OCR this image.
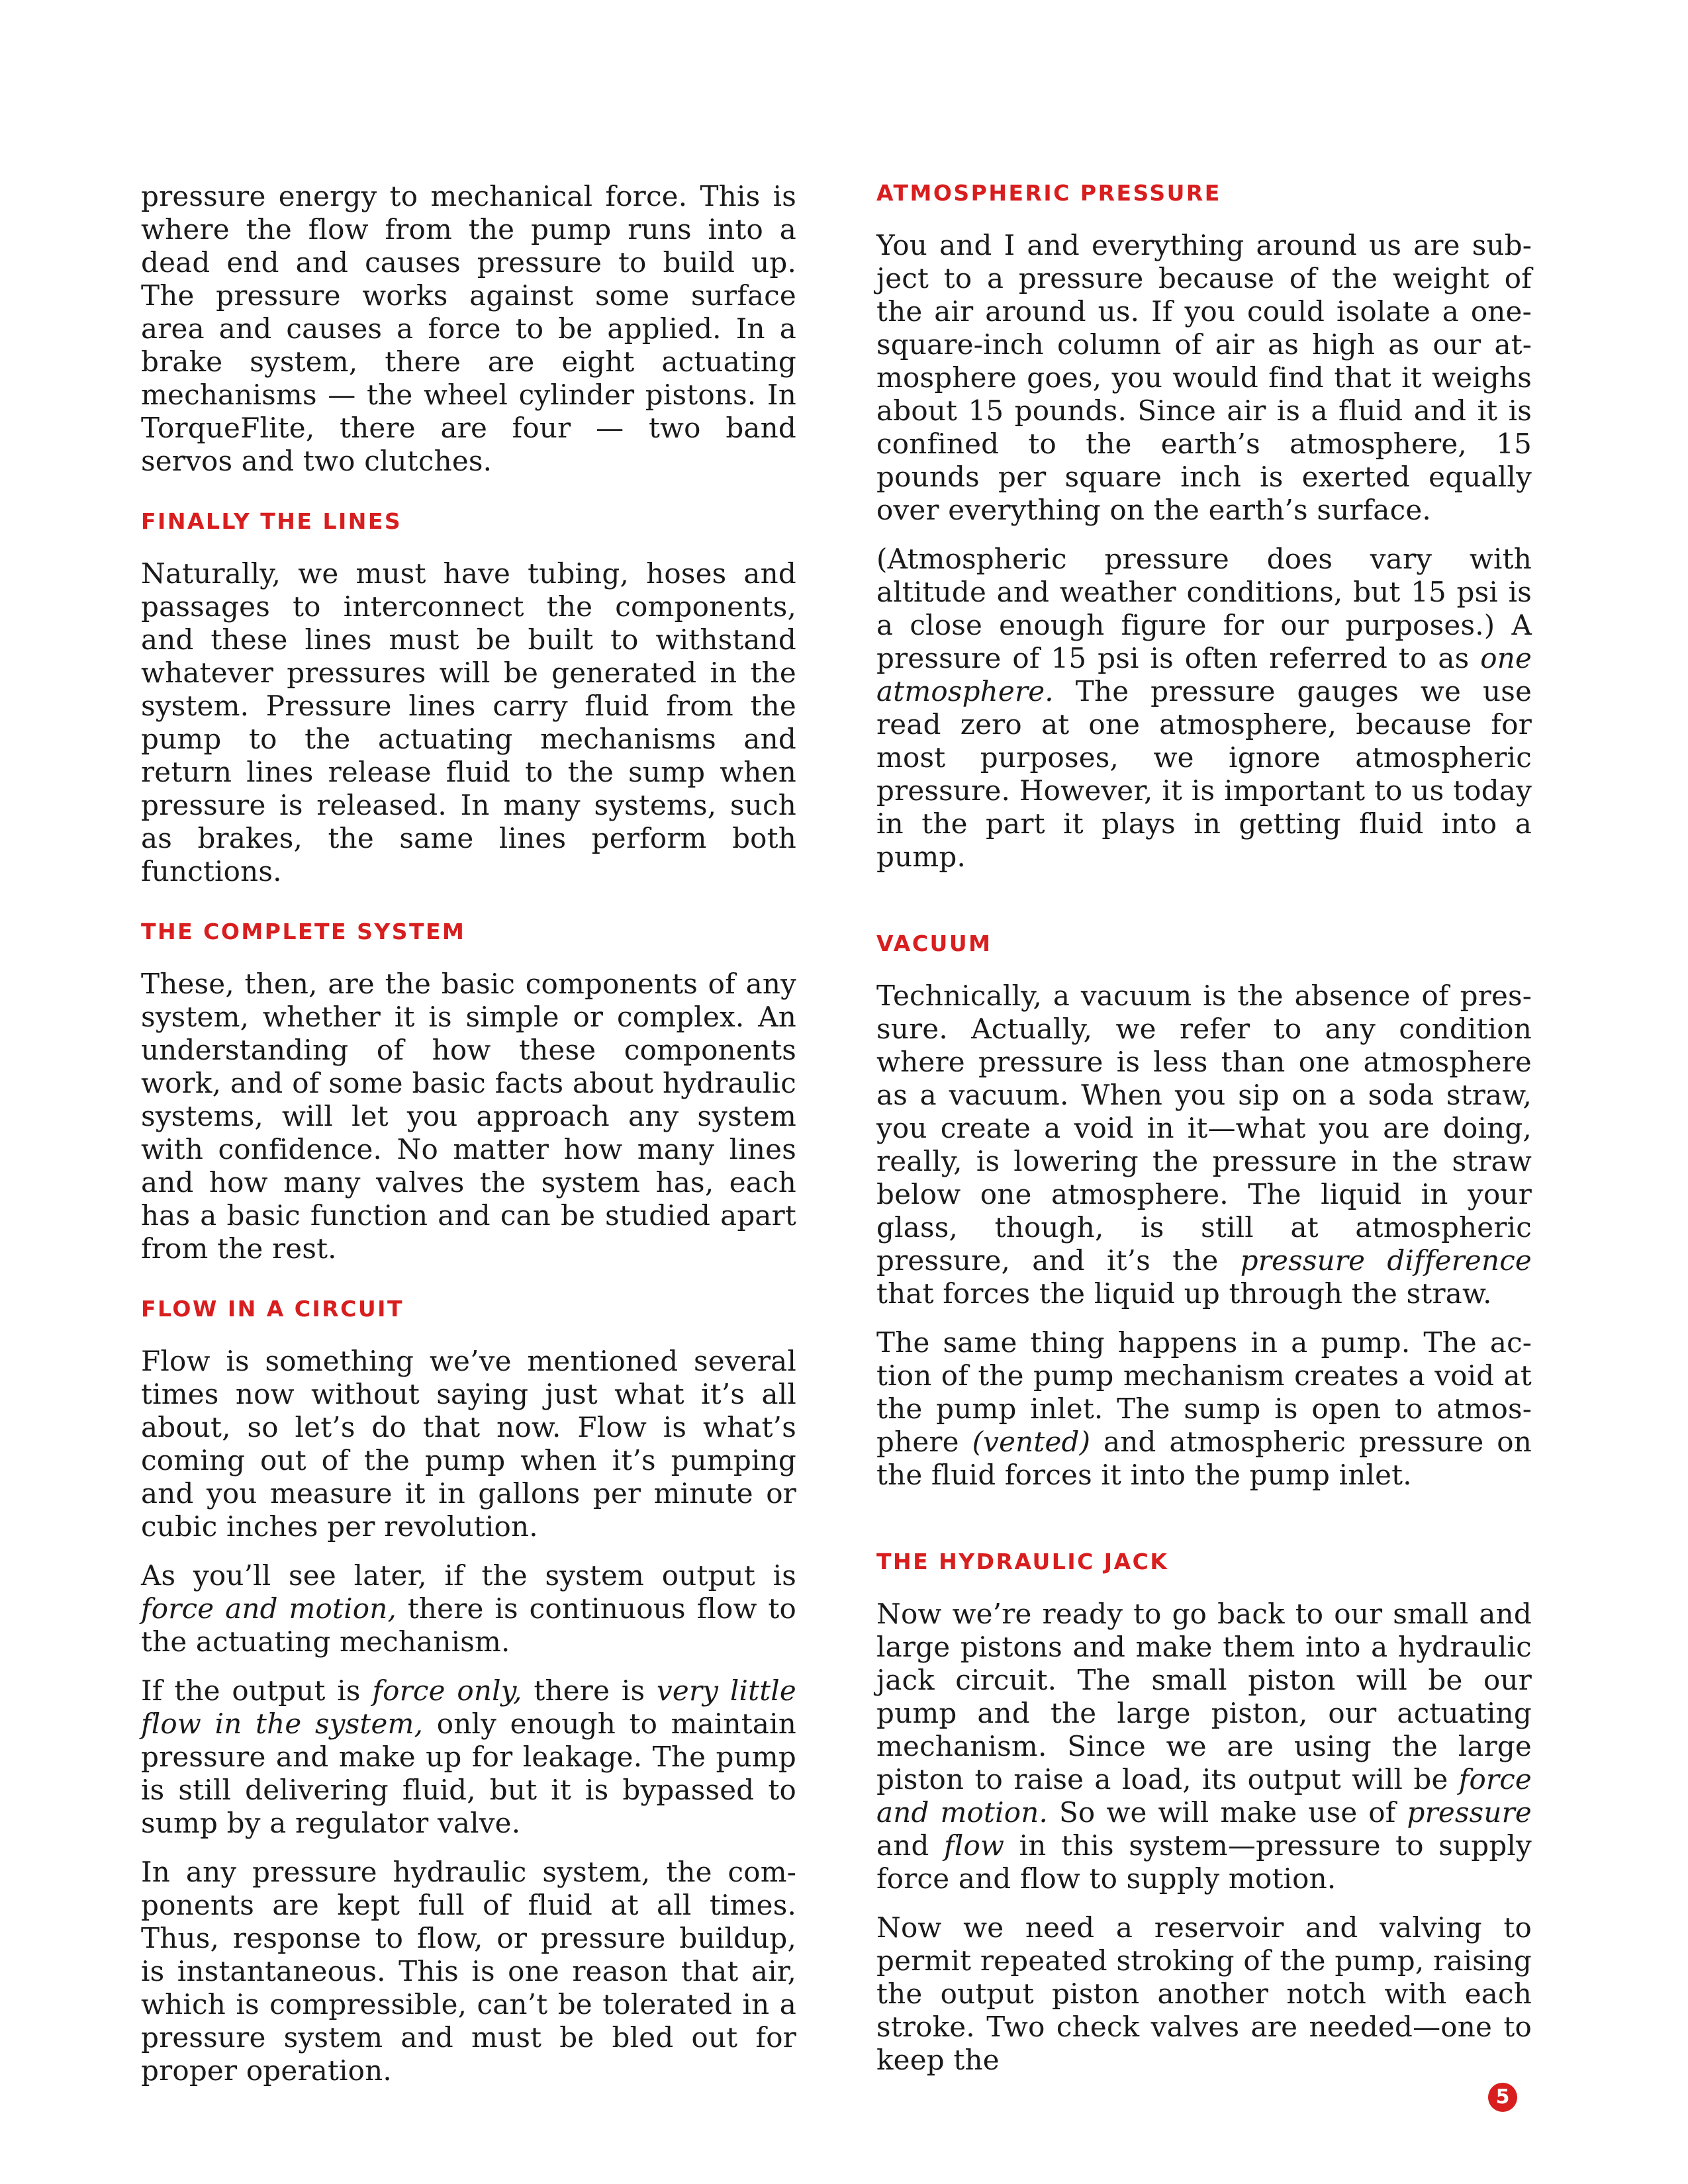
pressure energy to mechanical force. This is where the flow from the pump runs into a dead end and causes pressure to build up. The pressure works against some surface area and causes a force to be applied. In a brake system, there are eight actuating mechanisms — the wheel cylinder pistons. In TorqueFlite, there are four — two band servos and two clutches.

FINALLY THE LINES

Naturally, we must have tubing, hoses and passages to interconnect the components, and these lines must be built to withstand whatever pressures will be generated in the system. Pressure lines carry fluid from the pump to the actuating mechanisms and return lines release fluid to the sump when pressure is released. In many systems, such as brakes, the same lines perform both functions.

THE COMPLETE SYSTEM

These, then, are the basic components of any system, whether it is simple or complex. An understanding of how these components work, and of some basic facts about hydraulic systems, will let you approach any system with confidence. No matter how many lines and how many valves the system has, each has a basic function and can be studied apart from the rest.

FLOW IN A CIRCUIT

Flow is something we’ve mentioned several times now without saying just what it’s all about, so let’s do that now. Flow is what’s coming out of the pump when it’s pumping and you measure it in gallons per minute or cubic inches per revolution.

As you’ll see later, if the system output is force and motion, there is continuous flow to the actuating mechanism.

If the output is force only, there is very little flow in the system, only enough to maintain pressure and make up for leakage. The pump is still delivering fluid, but it is bypassed to sump by a regulator valve.

In any pressure hydraulic system, the components are kept full of fluid at all times. Thus, response to flow, or pressure buildup, is instantaneous. This is one reason that air, which is compressible, can’t be tolerated in a pressure system and must be bled out for proper operation.

ATMOSPHERIC PRESSURE

You and I and everything around us are subject to a pressure because of the weight of the air around us. If you could isolate a one-square-inch column of air as high as our atmosphere goes, you would find that it weighs about 15 pounds. Since air is a fluid and it is confined to the earth’s atmosphere, 15 pounds per square inch is exerted equally over everything on the earth’s surface.

(Atmospheric pressure does vary with altitude and weather conditions, but 15 psi is a close enough figure for our purposes.) A pressure of 15 psi is often referred to as one atmosphere. The pressure gauges we use read zero at one atmosphere, because for most purposes, we ignore atmospheric pressure. However, it is important to us today in the part it plays in getting fluid into a pump.

VACUUM

Technically, a vacuum is the absence of pressure. Actually, we refer to any condition where pressure is less than one atmosphere as a vacuum. When you sip on a soda straw, you create a void in it—what you are doing, really, is lowering the pressure in the straw below one atmosphere. The liquid in your glass, though, is still at atmospheric pressure, and it’s the pressure difference that forces the liquid up through the straw.

The same thing happens in a pump. The action of the pump mechanism creates a void at the pump inlet. The sump is open to atmosphere (vented) and atmospheric pressure on the fluid forces it into the pump inlet.

THE HYDRAULIC JACK

Now we’re ready to go back to our small and large pistons and make them into a hydraulic jack circuit. The small piston will be our pump and the large piston, our actuating mechanism. Since we are using the large piston to raise a load, its output will be force and motion. So we will make use of pressure and flow in this system—pressure to supply force and flow to supply motion.

Now we need a reservoir and valving to permit repeated stroking of the pump, raising the output piston another notch with each stroke. Two check valves are needed—one to keep the

5
